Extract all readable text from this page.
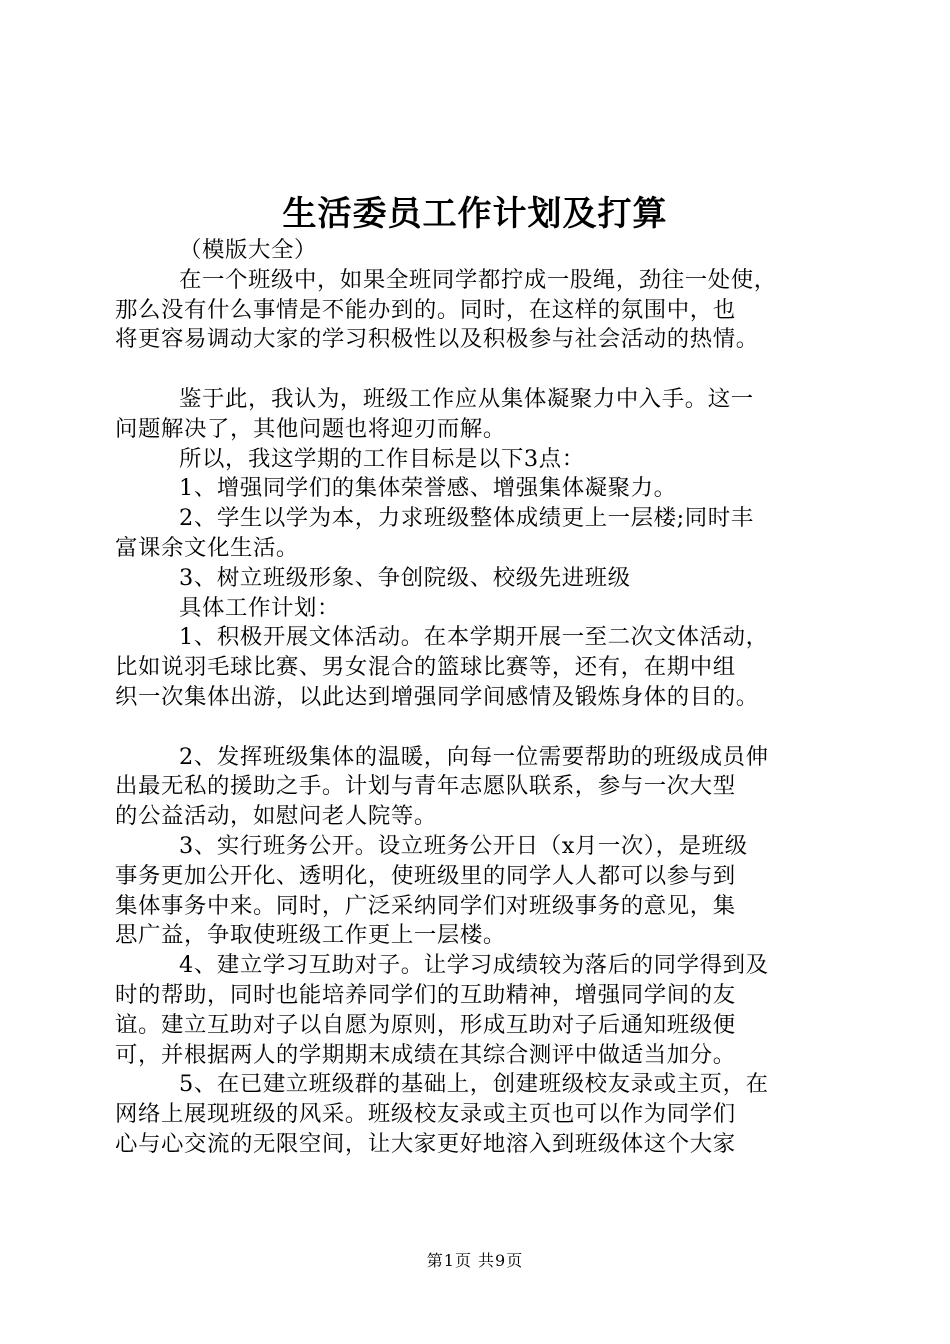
生活委员工作计划及打算
（模版大全）
在一个班级中，如果全班同学都拧成一股绳，劲往一处使，
那么没有什么事情是不能办到的。同时，在这样的氛围中，也
将更容易调动大家的学习积极性以及积极参与社会活动的热情。
鉴于此，我认为，班级工作应从集体凝聚力中入手。这一
问题解决了，其他问题也将迎刃而解。
所以，我这学期的工作目标是以下3点：
1、增强同学们的集体荣誉感、增强集体凝聚力。
2、学生以学为本，力求班级整体成绩更上一层楼;同时丰
富课余文化生活。
3、树立班级形象、争创院级、校级先进班级
具体工作计划：
1、积极开展文体活动。在本学期开展一至二次文体活动，
比如说羽毛球比赛、男女混合的篮球比赛等，还有，在期中组
织一次集体出游，以此达到增强同学间感情及锻炼身体的目的。
2、发挥班级集体的温暖，向每一位需要帮助的班级成员伸
出最无私的援助之手。计划与青年志愿队联系，参与一次大型
的公益活动，如慰问老人院等。
3、实行班务公开。设立班务公开日（x月一次），是班级
事务更加公开化、透明化，使班级里的同学人人都可以参与到
集体事务中来。同时，广泛采纳同学们对班级事务的意见，集
思广益，争取使班级工作更上一层楼。
4、建立学习互助对子。让学习成绩较为落后的同学得到及
时的帮助，同时也能培养同学们的互助精神，增强同学间的友
谊。建立互助对子以自愿为原则，形成互助对子后通知班级便
可，并根据两人的学期期末成绩在其综合测评中做适当加分。
5、在已建立班级群的基础上，创建班级校友录或主页，在
网络上展现班级的风采。班级校友录或主页也可以作为同学们
心与心交流的无限空间，让大家更好地溶入到班级体这个大家
第1页 共9页
